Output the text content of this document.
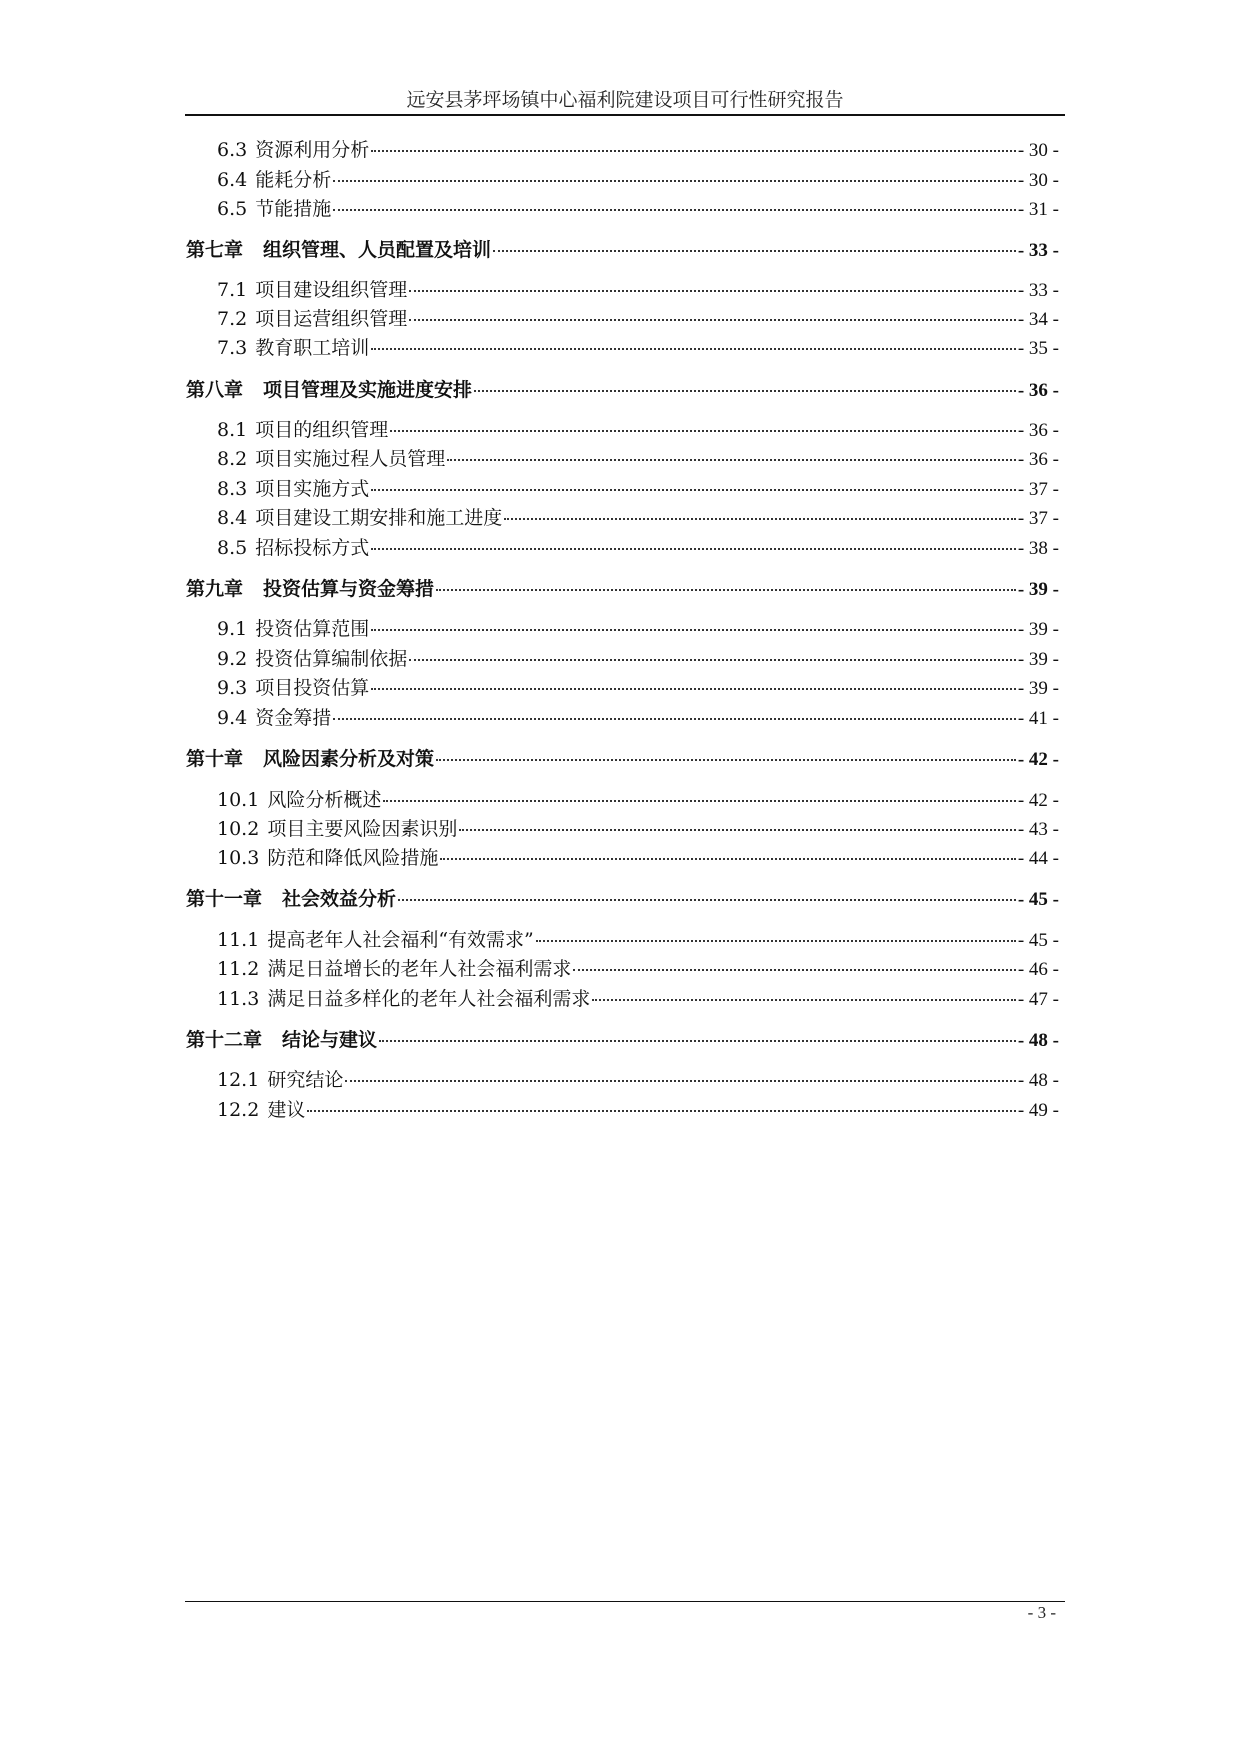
远安县茅坪场镇中心福利院建设项目可行性研究报告
6.3 资源利用分析	- 30 -
6.4 能耗分析	- 30 -
6.5 节能措施	- 31 -
第七章 组织管理、人员配置及培训	- 33 -
7.1 项目建设组织管理	- 33 -
7.2 项目运营组织管理	- 34 -
7.3 教育职工培训	- 35 -
第八章 项目管理及实施进度安排	- 36 -
8.1 项目的组织管理	- 36 -
8.2 项目实施过程人员管理	- 36 -
8.3 项目实施方式	- 37 -
8.4 项目建设工期安排和施工进度	- 37 -
8.5 招标投标方式	- 38 -
第九章 投资估算与资金筹措	- 39 -
9.1 投资估算范围	- 39 -
9.2 投资估算编制依据	- 39 -
9.3 项目投资估算	- 39 -
9.4 资金筹措	- 41 -
第十章 风险因素分析及对策	- 42 -
10.1 风险分析概述	- 42 -
10.2 项目主要风险因素识别	- 43 -
10.3 防范和降低风险措施	- 44 -
第十一章 社会效益分析	- 45 -
11.1 提高老年人社会福利“有效需求”	- 45 -
11.2 满足日益增长的老年人社会福利需求	- 46 -
11.3 满足日益多样化的老年人社会福利需求	- 47 -
第十二章 结论与建议	- 48 -
12.1 研究结论	- 48 -
12.2 建议	- 49 -
- 3 -
